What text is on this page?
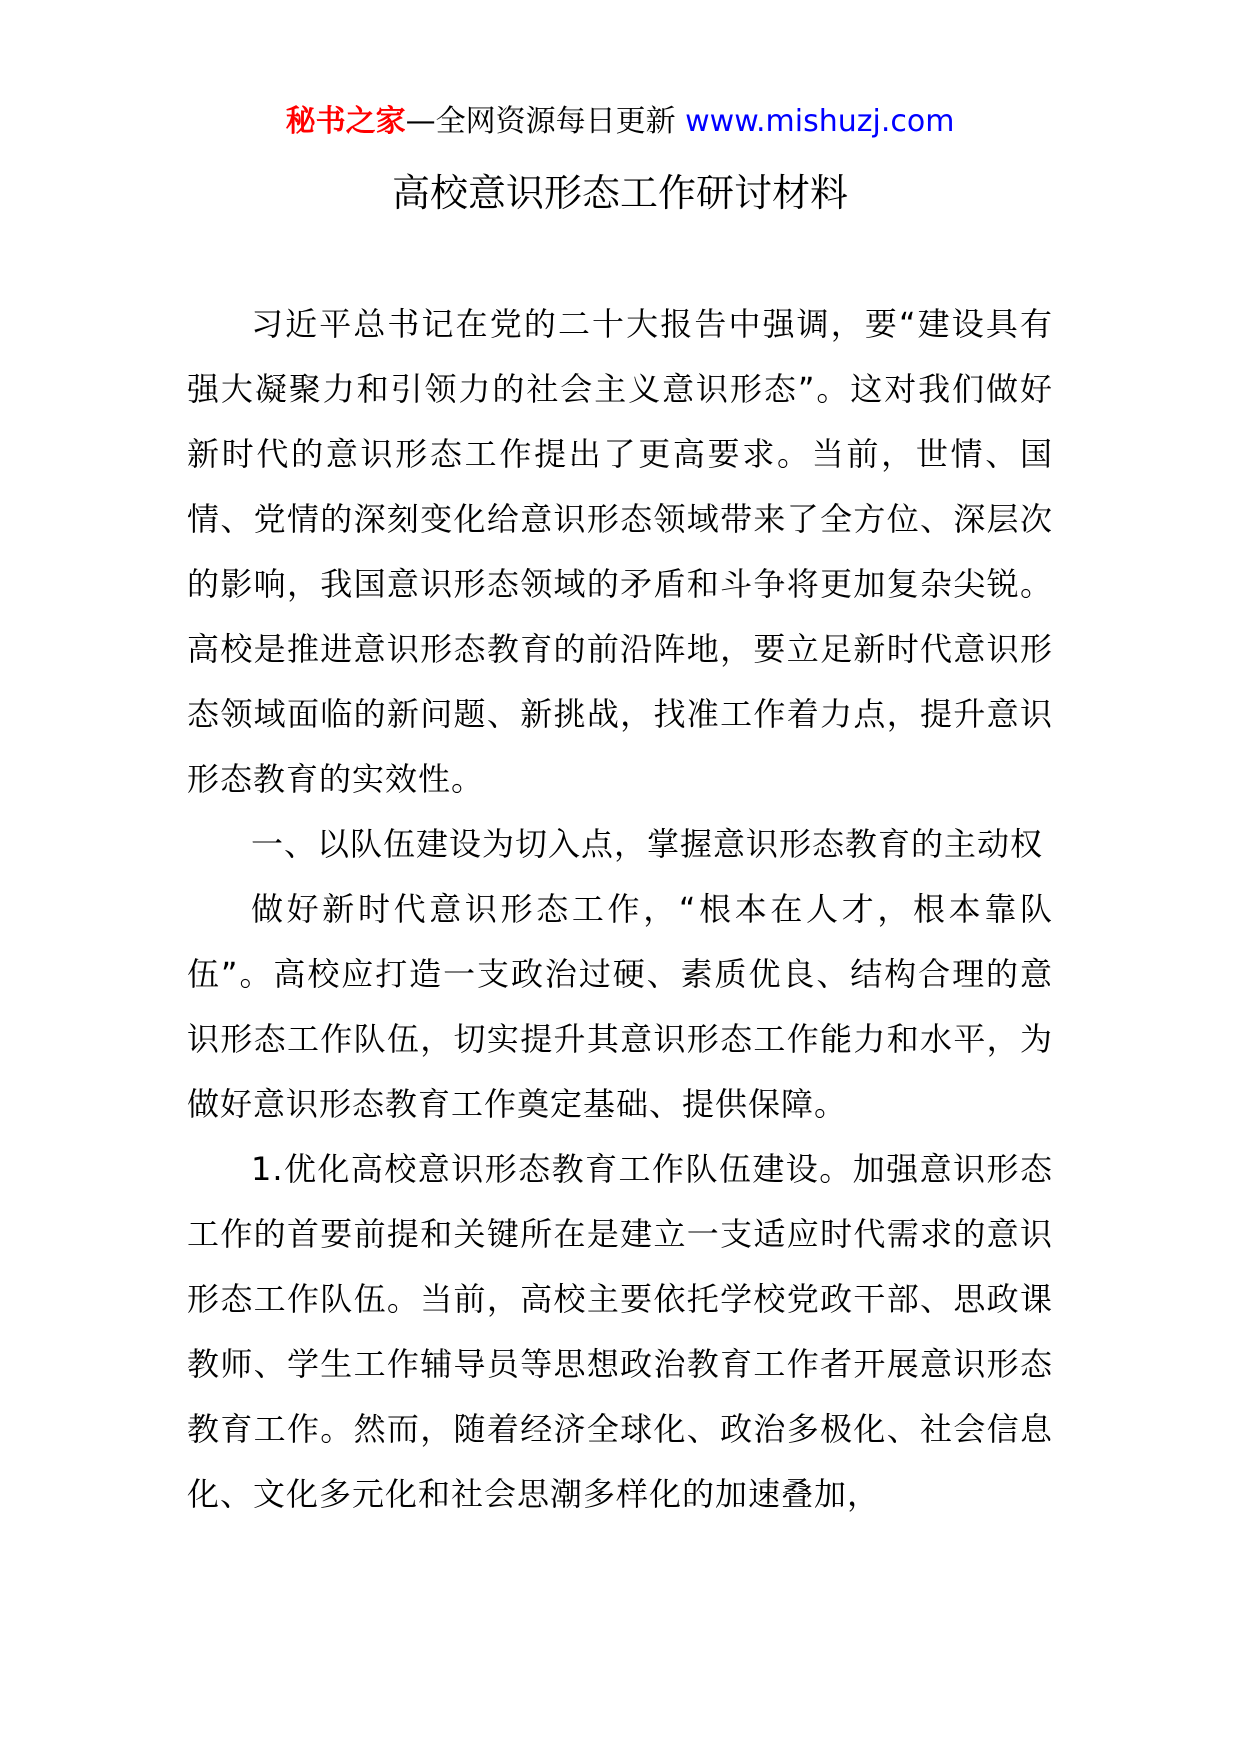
秘书之家—全网资源每日更新 www.mishuzj.com
高校意识形态工作研讨材料

习近平总书记在党的二十大报告中强调，要“建设具有强大凝聚力和引领力的社会主义意识形态”。这对我们做好新时代的意识形态工作提出了更高要求。当前，世情、国情、党情的深刻变化给意识形态领域带来了全方位、深层次的影响，我国意识形态领域的矛盾和斗争将更加复杂尖锐。高校是推进意识形态教育的前沿阵地，要立足新时代意识形态领域面临的新问题、新挑战，找准工作着力点，提升意识形态教育的实效性。

一、以队伍建设为切入点，掌握意识形态教育的主动权

做好新时代意识形态工作，“根本在人才，根本靠队伍”。高校应打造一支政治过硬、素质优良、结构合理的意识形态工作队伍，切实提升其意识形态工作能力和水平，为做好意识形态教育工作奠定基础、提供保障。

1.优化高校意识形态教育工作队伍建设。加强意识形态工作的首要前提和关键所在是建立一支适应时代需求的意识形态工作队伍。当前，高校主要依托学校党政干部、思政课教师、学生工作辅导员等思想政治教育工作者开展意识形态教育工作。然而，随着经济全球化、政治多极化、社会信息化、文化多元化和社会思潮多样化的加速叠加，
